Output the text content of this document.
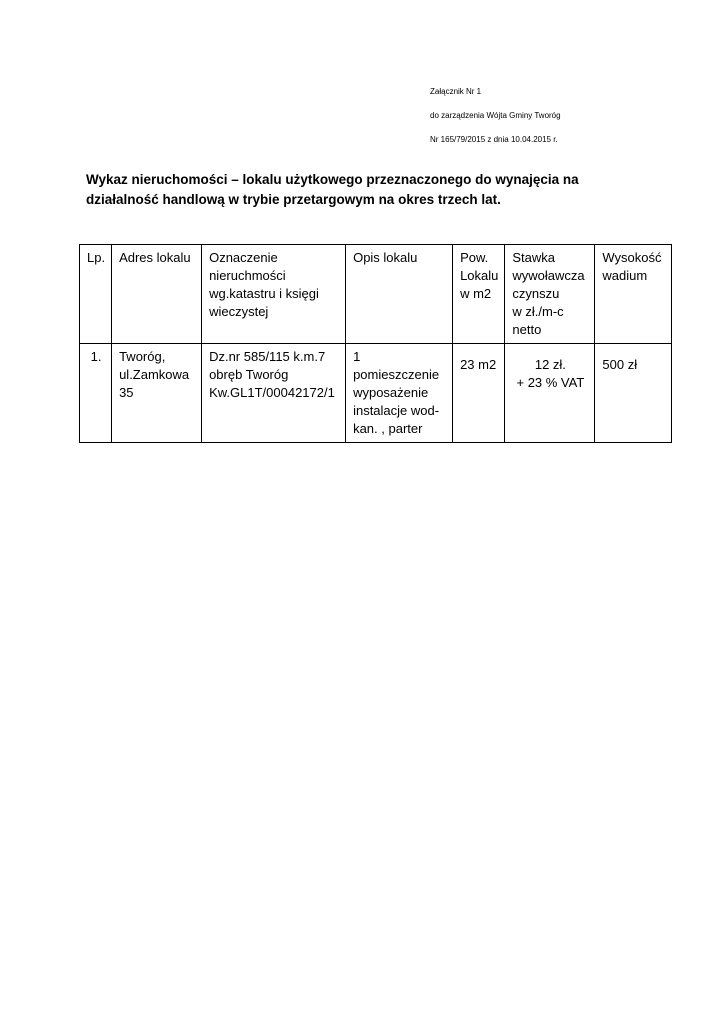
Załącznik Nr 1
do zarządzenia Wójta Gminy Tworóg
Nr 165/79/2015 z dnia 10.04.2015 r.
Wykaz nieruchomości – lokalu użytkowego przeznaczonego do wynajęcia na działalność handlową w trybie przetargowym na okres trzech lat.
Lp.	Adres lokalu	Oznaczenie
nieruchmości
wg.katastru i księgi
wieczystej	Opis lokalu	Pow.
Lokalu
w m2	Stawka
wywoławcza
czynszu
w zł./m-c
netto	Wysokość
wadium
1.	Tworóg,
ul.Zamkowa
35	Dz.nr 585/115 k.m.7
obręb Tworóg
Kw.GL1T/00042172/1	1
pomieszczenie
wyposażenie
instalacje wod-
kan. , parter	23 m2	12 zł.
+ 23 % VAT	500 zł
